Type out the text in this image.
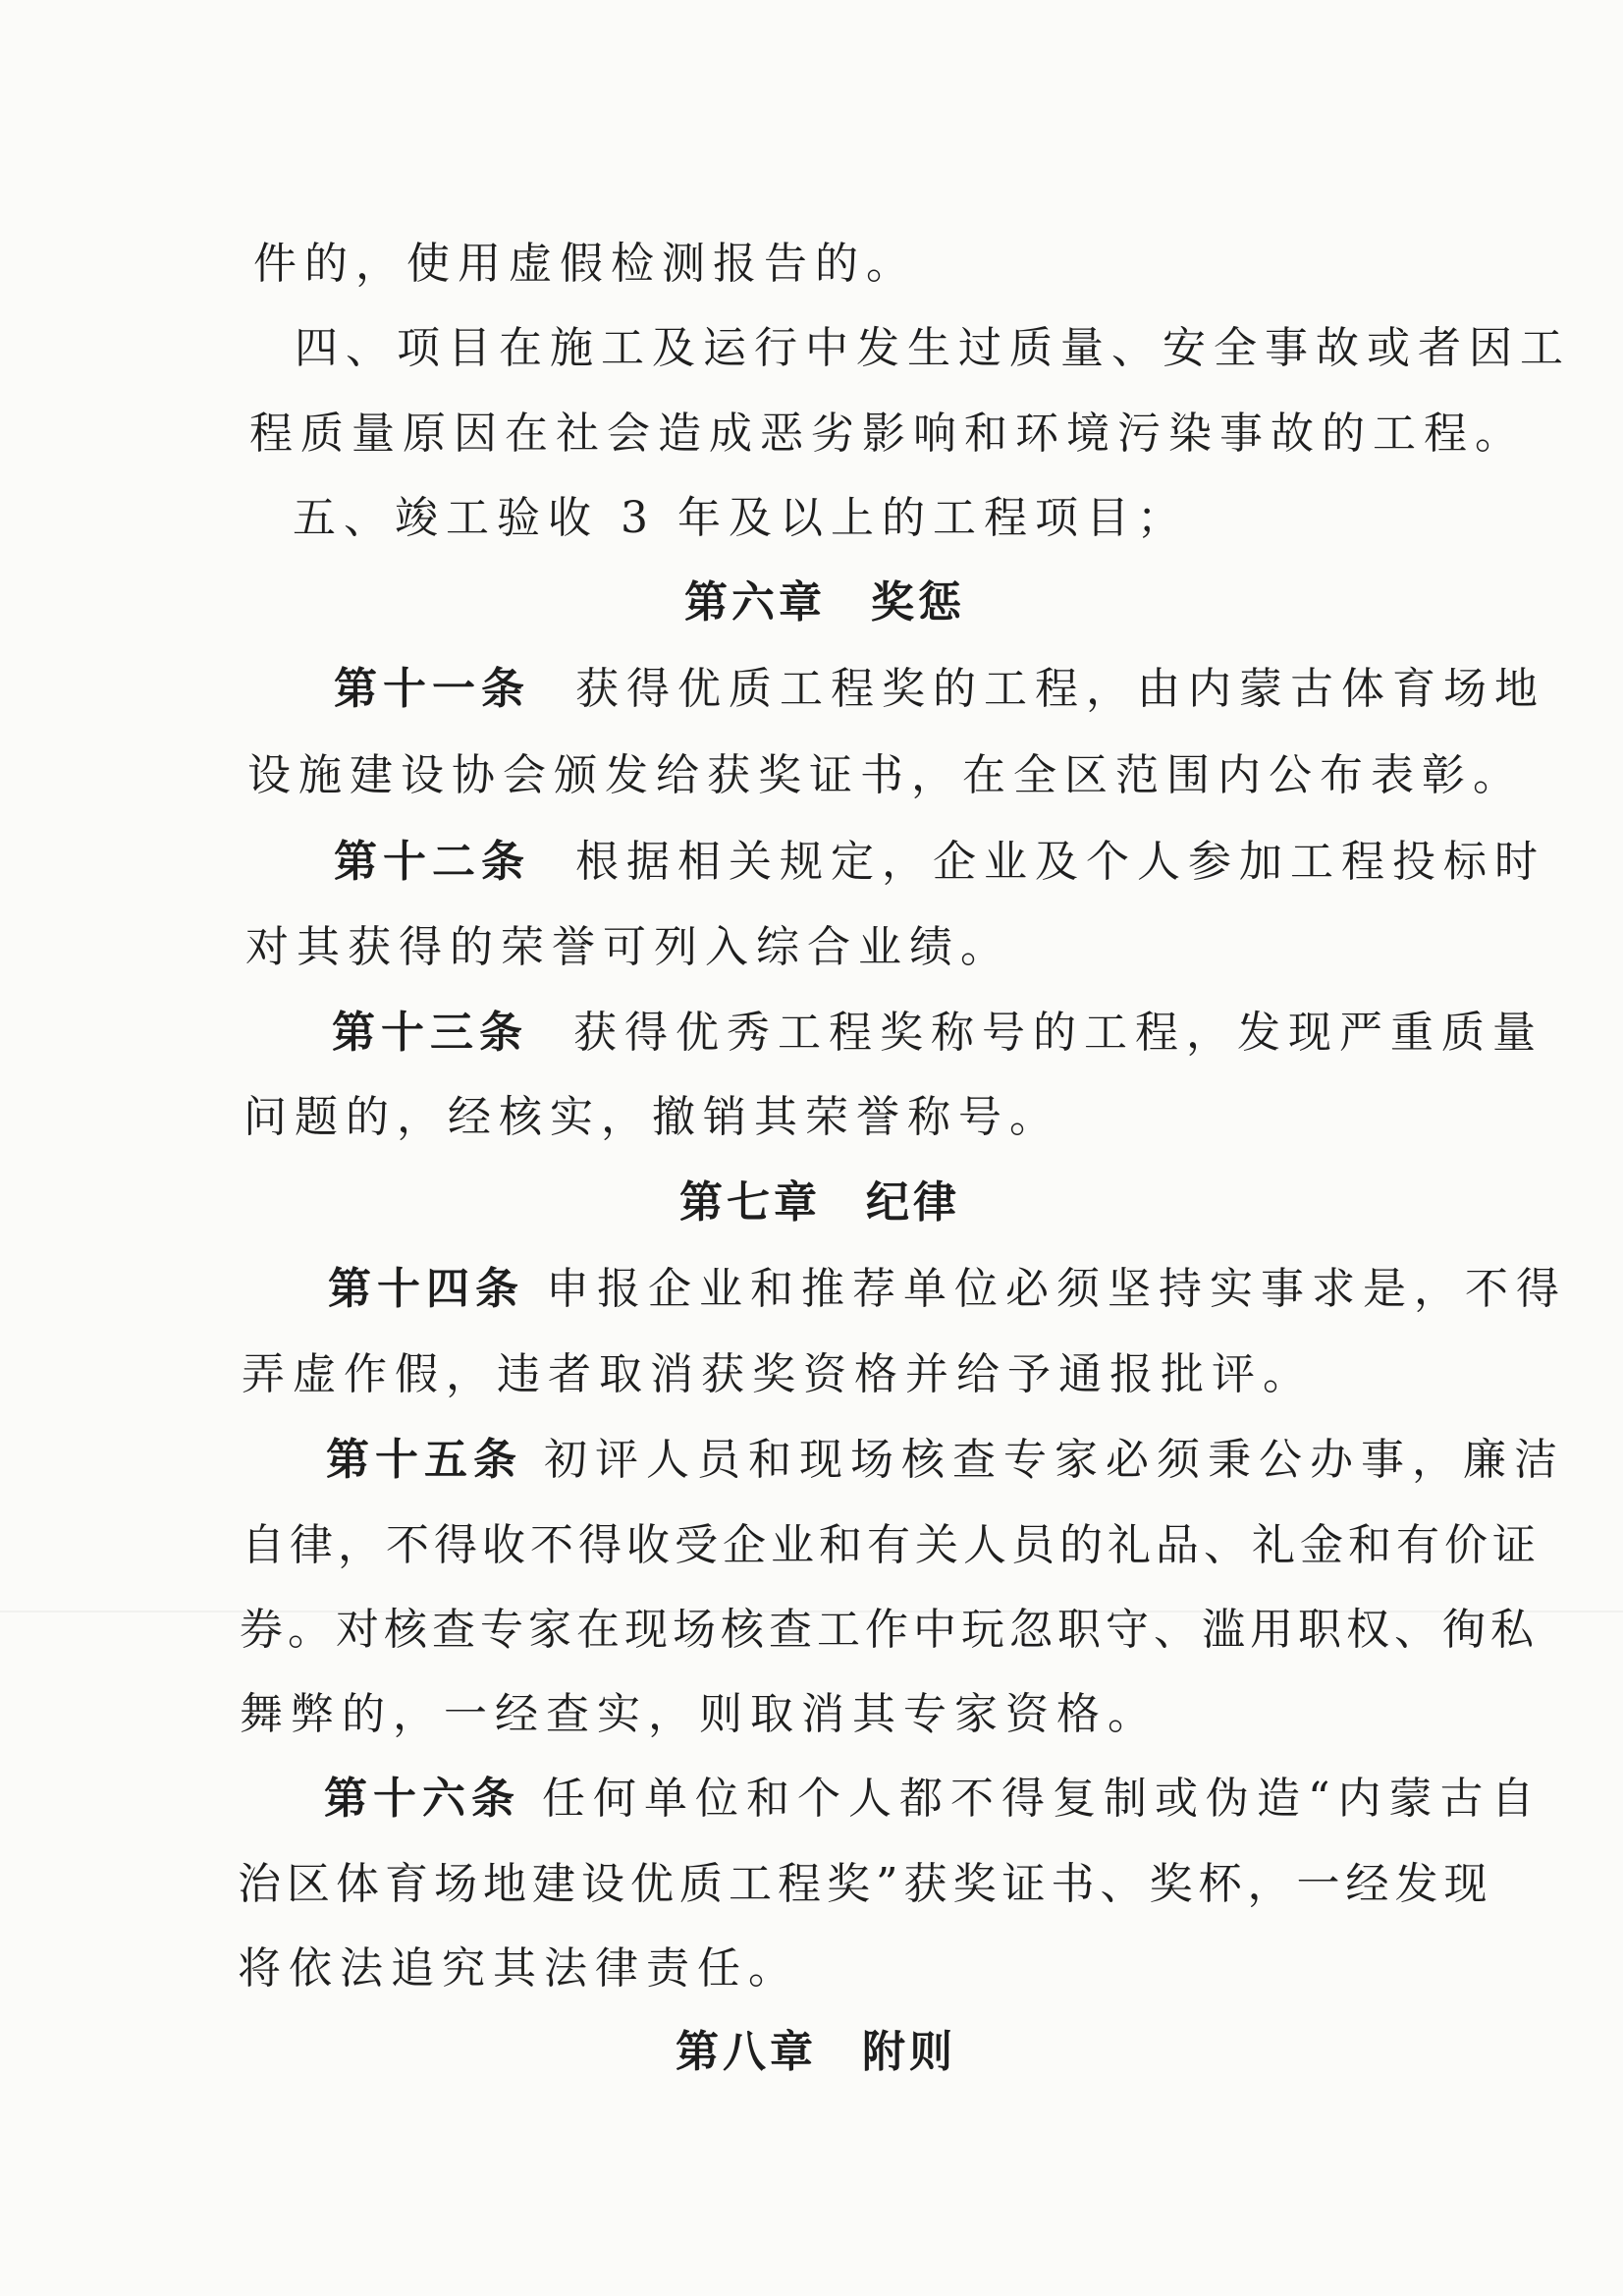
件的，使用虚假检测报告的。
四、项目在施工及运行中发生过质量、安全事故或者因工
程质量原因在社会造成恶劣影响和环境污染事故的工程。
五、竣工验收 3 年及以上的工程项目；
第六章 奖惩
第十一条 获得优质工程奖的工程，由内蒙古体育场地
设施建设协会颁发给获奖证书，在全区范围内公布表彰。
第十二条 根据相关规定，企业及个人参加工程投标时
对其获得的荣誉可列入综合业绩。
第十三条 获得优秀工程奖称号的工程，发现严重质量
问题的，经核实，撤销其荣誉称号。
第七章 纪律
第十四条 申报企业和推荐单位必须坚持实事求是，不得
弄虚作假，违者取消获奖资格并给予通报批评。
第十五条 初评人员和现场核查专家必须秉公办事，廉洁
自律，不得收不得收受企业和有关人员的礼品、礼金和有价证
券。对核查专家在现场核查工作中玩忽职守、滥用职权、徇私
舞弊的，一经查实，则取消其专家资格。
第十六条 任何单位和个人都不得复制或伪造“内蒙古自
治区体育场地建设优质工程奖”获奖证书、奖杯，一经发现
将依法追究其法律责任。
第八章 附则
